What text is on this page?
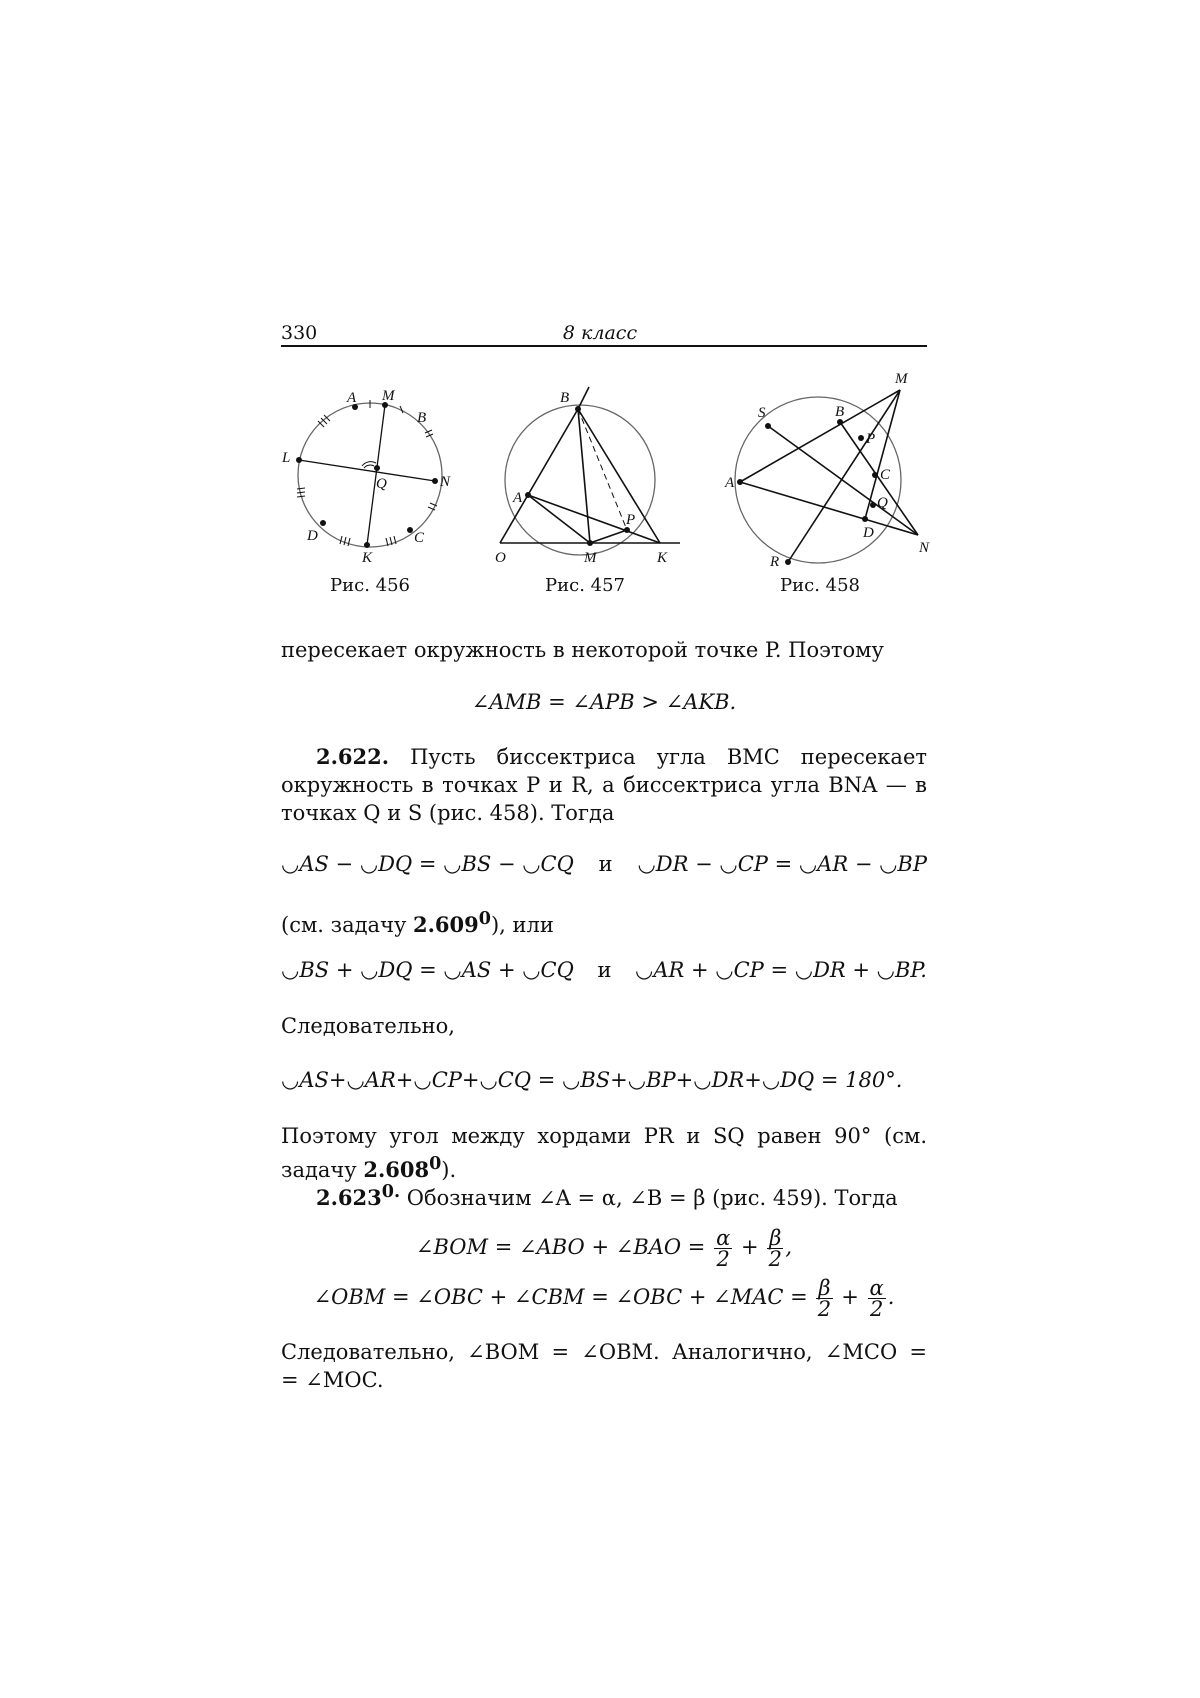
330	8 класс
A M
B
L
N
Q
D
K
C
Рис. 456
B
A
P
O	M	K
Рис. 457
M
S	B
P
A	C
Q
D
R
N
Рис. 458
пересекает окружность в некоторой точке P. Поэтому
∠AMB = ∠APB > ∠AKB.
2.622. Пусть биссектриса угла BMC пересекает окружность в точках P и R, а биссектриса угла BNA — в точках Q и S (рис. 458). Тогда
◡AS − ◡DQ = ◡BS − ◡CQ и ◡DR − ◡CP = ◡AR − ◡BP
(см. задачу 2.609$^0$), или
◡BS + ◡DQ = ◡AS + ◡CQ и ◡AR + ◡CP = ◡DR + ◡BP.
Следовательно,
◡AS+◡AR+◡CP+◡CQ = ◡BS+◡BP+◡DR+◡DQ = 180°.
Поэтому угол между хордами PR и SQ равен 90° (см. задачу 2.608$^0$).
$2.623^{0.}$ Обозначим ∠A = α, ∠B = β (рис. 459). Тогда
∠BOM = ∠ABO + ∠BAO = $\frac{\alpha}{2} + \frac{\beta}{2}$ ,
∠OBM = ∠OBC + ∠CBM = ∠OBC + ∠MAC = $\frac{\beta}{2} + \frac{\alpha}{2}$ .
Следовательно, ∠BOM = ∠OBM. Аналогично, ∠MCO =
= ∠MOC.
